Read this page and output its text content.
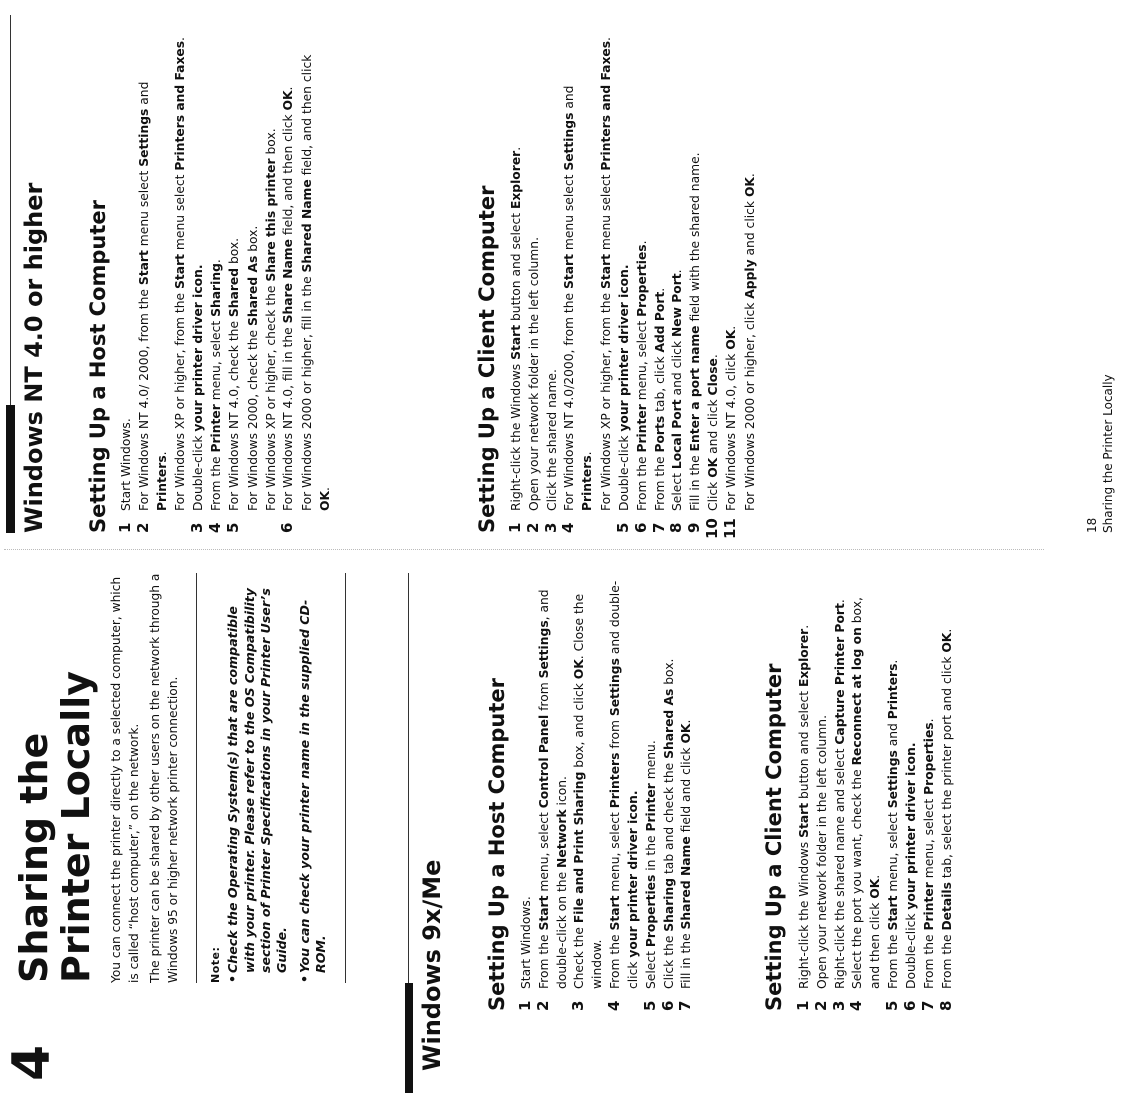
4
Sharing the Printer Locally You can connect the printer directly to a selected computer, which is called “host computer,” on the network. The printer can be shared by other users on the network through a Windows 95 or higher network printer connection.	Note: •
Check the Operating System(s) that are compatible with your printer. Please refer to the OS Compatibility section of Printer Specifications in your Printer User’s Guide.
•
You can check your printer name in the supplied CD-ROM.	Windows 9x/Me Setting Up a Host Computer 1
Start Windows.
2
From the Start menu, select Control Panel from Settings, and double-click on the Network icon.
3
Check the File and Print Sharing box, and click OK. Close the window.
4
From the Start menu, select Printers from Settings and double-click your printer driver icon.
5
Select Properties in the Printer menu.
6
Click the Sharing tab and check the Shared As box.
7
Fill in the Shared Name field and click OK.	Setting Up a Client Computer 1
Right-click the Windows Start button and select Explorer.
2
Open your network folder in the left column.
3
Right-click the shared name and select Capture Printer Port.
4
Select the port you want, check the Reconnect at log on box, and then click OK.
5
From the Start menu, select Settings and Printers.
6
Double-click your printer driver icon.
7
From the Printer menu, select Properties.
8
From the Details tab, select the printer port and click OK.
Windows NT 4.0 or higher Setting Up a Host Computer 1
Start Windows.
2
For Windows NT 4.0/ 2000, from the Start menu select Settings and Printers. For Windows XP or higher, from the Start menu select Printers and Faxes.
3
Double-click your printer driver icon.
4
From the Printer menu, select Sharing.
5
For Windows NT 4.0, check the Shared box.
For Windows 2000, check the Shared As box.
For Windows XP or higher, check the Share this printer box.
6
For Windows NT 4.0, fill in the Share Name field, and then click OK.
For Windows 2000 or higher, fill in the Shared Name field, and then click OK.	Setting Up a Client Computer 1
Right-click the Windows Start button and select Explorer.
2
Open your network folder in the left column.
3
Click the shared name.
4
For Windows NT 4.0/2000, from the Start menu select Settings and Printers. For Windows XP or higher, from the Start menu select Printers and Faxes.
5
Double-click your printer driver icon.
6
From the Printer menu, select Properties.
7
From the Ports tab, click Add Port.
8
Select Local Port and click New Port.
9
Fill in the Enter a port name field with the shared name.
10
Click OK and click Close.
11
For Windows NT 4.0, click OK. For Windows 2000 or higher, click Apply and click OK.
18 Sharing the Printer Locally
